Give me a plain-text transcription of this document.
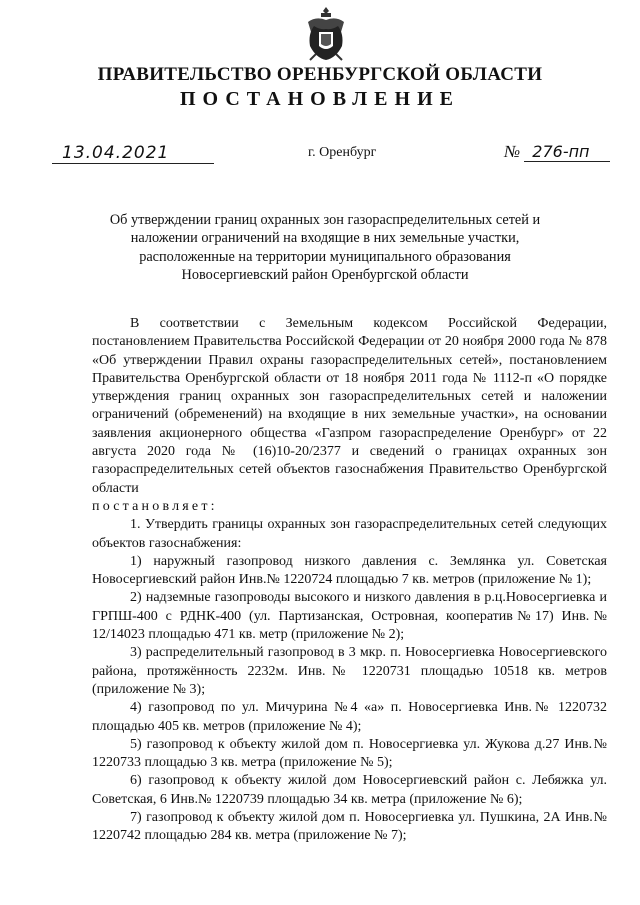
ПРАВИТЕЛЬСТВО ОРЕНБУРГСКОЙ ОБЛАСТИ
ПОСТАНОВЛЕНИЕ
13.04.2021	г. Оренбург	№ 276-пп
Об утверждении границ охранных зон газораспределительных сетей и наложении ограничений на входящие в них земельные участки, расположенные на территории муниципального образования Новосергиевский район Оренбургской области

В соответствии с Земельным кодексом Российской Федерации, постановлением Правительства Российской Федерации от 20 ноября 2000 года № 878 «Об утверждении Правил охраны газораспределительных сетей», постановлением Правительства Оренбургской области от 18 ноября 2011 года № 1112-п «О порядке утверждения границ охранных зон газораспределительных сетей и наложении ограничений (обременений) на входящие в них земельные участки», на основании заявления акционерного общества «Газпром газораспределение Оренбург» от 22 августа 2020 года № (16)10-20/2377 и сведений о границах охранных зон газораспределительных сетей объектов газоснабжения Правительство Оренбургской области

постановляет:

1. Утвердить границы охранных зон газораспределительных сетей следующих объектов газоснабжения:

1) наружный газопровод низкого давления с. Землянка ул. Советская Новосергиевский район Инв.№ 1220724 площадью 7 кв. метров (приложение № 1);

2) надземные газопроводы высокого и низкого давления в р.ц.Новосергиевка и ГРПШ-400 с РДНК-400 (ул. Партизанская, Островная, кооператив№17) Инв.№ 12/14023 площадью 471 кв. метр (приложение № 2);

3) распределительный газопровод в 3 мкр. п. Новосергиевка Новосергиевского района, протяжённость 2232м. Инв.№ 1220731 площадью 10518 кв. метров (приложение № 3);

4) газопровод по ул. Мичурина №4 «а» п. Новосергиевка Инв.№ 1220732 площадью 405 кв. метров (приложение № 4);

5) газопровод к объекту жилой дом п. Новосергиевка ул. Жукова д.27 Инв.№ 1220733 площадью 3 кв. метра (приложение № 5);

6) газопровод к объекту жилой дом Новосергиевский район с. Лебяжка ул. Советская, 6 Инв.№ 1220739 площадью 34 кв. метра (приложение № 6);

7) газопровод к объекту жилой дом п. Новосергиевка ул. Пушкина, 2А Инв.№ 1220742 площадью 284 кв. метра (приложение № 7);
